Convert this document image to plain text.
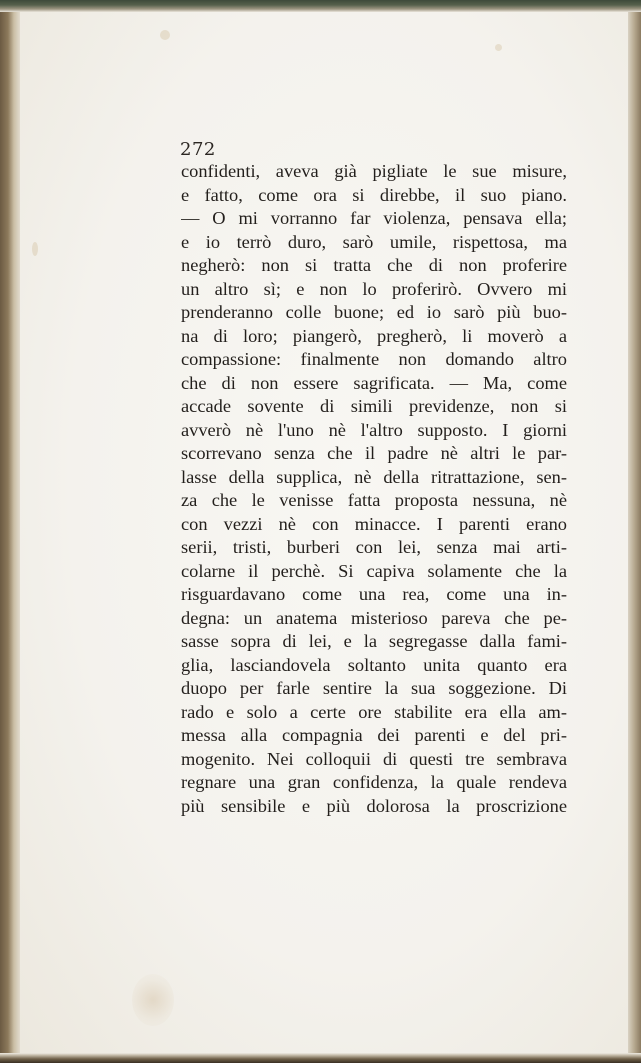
272
confidenti, aveva già pigliate le sue misure,
e fatto, come ora si direbbe, il suo piano.
— O mi vorranno far violenza, pensava ella;
e io terrò duro, sarò umile, rispettosa, ma
negherò: non si tratta che di non proferire
un altro sì; e non lo proferirò. Ovvero mi
prenderanno colle buone; ed io sarò più buo-
na di loro; piangerò, pregherò, li moverò a
compassione: finalmente non domando altro
che di non essere sagrificata. — Ma, come
accade sovente di simili previdenze, non si
avverò nè l'uno nè l'altro supposto. I giorni
scorrevano senza che il padre nè altri le par-
lasse della supplica, nè della ritrattazione, sen-
za che le venisse fatta proposta nessuna, nè
con vezzi nè con minacce. I parenti erano
serii, tristi, burberi con lei, senza mai arti-
colarne il perchè. Si capiva solamente che la
risguardavano come una rea, come una in-
degna: un anatema misterioso pareva che pe-
sasse sopra di lei, e la segregasse dalla fami-
glia, lasciandovela soltanto unita quanto era
duopo per farle sentire la sua soggezione. Di
rado e solo a certe ore stabilite era ella am-
messa alla compagnia dei parenti e del pri-
mogenito. Nei colloquii di questi tre sembrava
regnare una gran confidenza, la quale rendeva
più sensibile e più dolorosa la proscrizione
